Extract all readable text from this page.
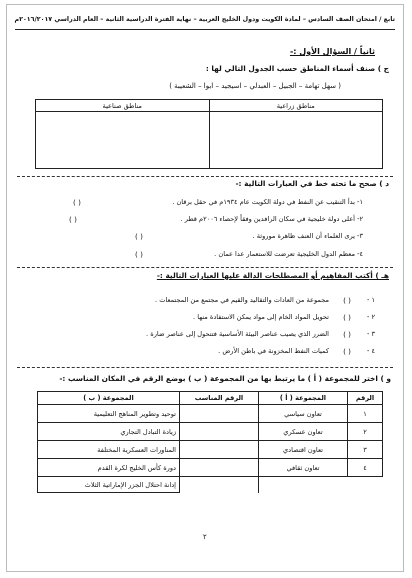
تابع / امتحان الصف السادس – لمادة الكويت ودول الخليج العربية – نهاية الفترة الدراسية الثانية – العام الدراسي ٢٠١٦/٢٠١٧م
ثانياً / السؤال الأول :-
ج ) صنف أسماء المناطق حسب الجدول التالي لها :
( سهل تهامة – الجبيل – العبدلي – اسيجيد – ابوا – الشعيبة )
مناطق زراعية	مناطق صناعية

د ) صحح ما تحته خط في العبارات التالية :-
١- بدأ التنقيب عن النفط في دولة الكويت عام ١٩٣٤م في حقل برقان .
( )
٢- أعلى دولة خليجية في سكان الرافدين وفقاً لإحصاء ٢٠٠٦م قطر .
( )
٣- يرى العلماء أن العنف ظاهرة موروثة .
( )
٤- معظم الدول الخليجية تعرضت للاستعمار عدا عمان .
( )
هـ ) أكتب المفاهيم أو المصطلحات الدالة عليها العبارات التالية :-
١ -
مجموعة من العادات والتقاليد والقيم في مجتمع من المجتمعات . ( )
٢ -
تحويل المواد الخام إلى مواد يمكن الاستفادة منها . ( )
٣ -
الضرر الذي يصيب عناصر البيئة الأساسية فتتحول إلى عناصر ضارة . ( )
٤ -
كميات النفط المخزونة في باطن الأرض . ( )
و ) اختر للمجموعة ( أ ) ما يرتبط بها من المجموعة ( ب ) بوضع الرقم في المكان المناسب :-
الرقم	المجموعة ( أ )	الرقم المناسب	المجموعة ( ب )
١	تعاون سياسي		توحيد وتطوير المناهج التعليمية
٢	تعاون عسكري		زيادة التبادل التجاري
٣	تعاون اقتصادي		المناورات العسكرية المختلفة
٤	تعاون ثقافي		دورة كأس الخليج لكرة القدم
			إدانة احتلال الجزر الإماراتية الثلاث
٢
